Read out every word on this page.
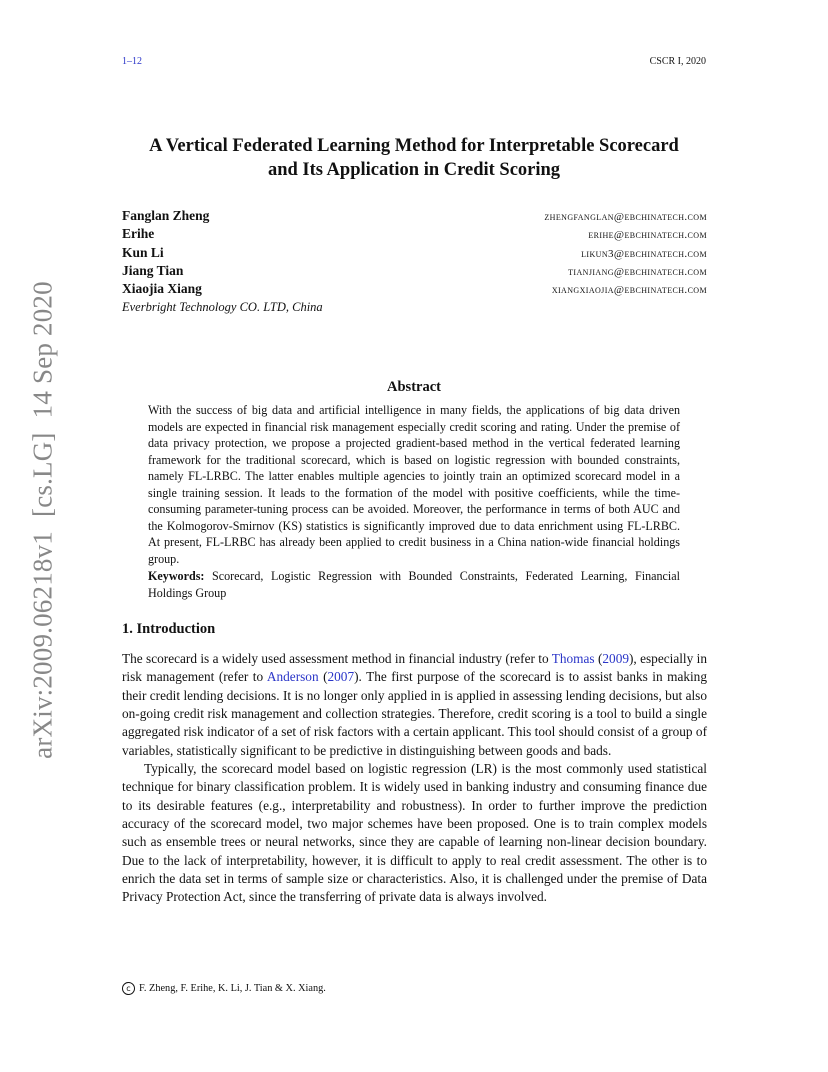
1–12	CSCR I, 2020
arXiv:2009.06218v1[cs.LG]14 Sep 2020
A Vertical Federated Learning Method for Interpretable Scorecard
and Its Application in Credit Scoring
Fanglan Zheng	zhengfanglan@ebchinatech.com
Erihe	erihe@ebchinatech.com
Kun Li	likun3@ebchinatech.com
Jiang Tian	tianjiang@ebchinatech.com
Xiaojia Xiang	xiangxiaojia@ebchinatech.com
Everbright Technology CO. LTD, China
Abstract

With the success of big data and artificial intelligence in many fields, the applications of big data driven models are expected in financial risk management especially credit scoring and rating. Under the premise of data privacy protection, we propose a projected gradient-based method in the vertical federated learning framework for the traditional scorecard, which is based on logistic regression with bounded constraints, namely FL-LRBC. The latter enables multiple agencies to jointly train an optimized scorecard model in a single training session. It leads to the formation of the model with positive coefficients, while the time-consuming parameter-tuning process can be avoided. Moreover, the performance in terms of both AUC and the Kolmogorov-Smirnov (KS) statistics is significantly improved due to data enrichment using FL-LRBC. At present, FL-LRBC has already been applied to credit business in a China nation-wide financial holdings group.

Keywords: Scorecard, Logistic Regression with Bounded Constraints, Federated Learning, Financial Holdings Group

1. Introduction

The scorecard is a widely used assessment method in financial industry (refer to Thomas (2009), especially in risk management (refer to Anderson (2007). The first purpose of the scorecard is to assist banks in making their credit lending decisions. It is no longer only applied in is applied in assessing lending decisions, but also on-going credit risk management and collection strategies. Therefore, credit scoring is a tool to build a single aggregated risk indicator of a set of risk factors with a certain applicant. This tool should consist of a group of variables, statistically significant to be predictive in distinguishing between goods and bads.

Typically, the scorecard model based on logistic regression (LR) is the most commonly used statistical technique for binary classification problem. It is widely used in banking industry and consuming finance due to its desirable features (e.g., interpretability and robustness). In order to further improve the prediction accuracy of the scorecard model, two major schemes have been proposed. One is to train complex models such as ensemble trees or neural networks, since they are capable of learning non-linear decision boundary. Due to the lack of interpretability, however, it is difficult to apply to real credit assessment. The other is to enrich the data set in terms of sample size or characteristics. Also, it is challenged under the premise of Data Privacy Protection Act, since the transferring of private data is always involved.

c F. Zheng, F. Erihe, K. Li, J. Tian & X. Xiang.
